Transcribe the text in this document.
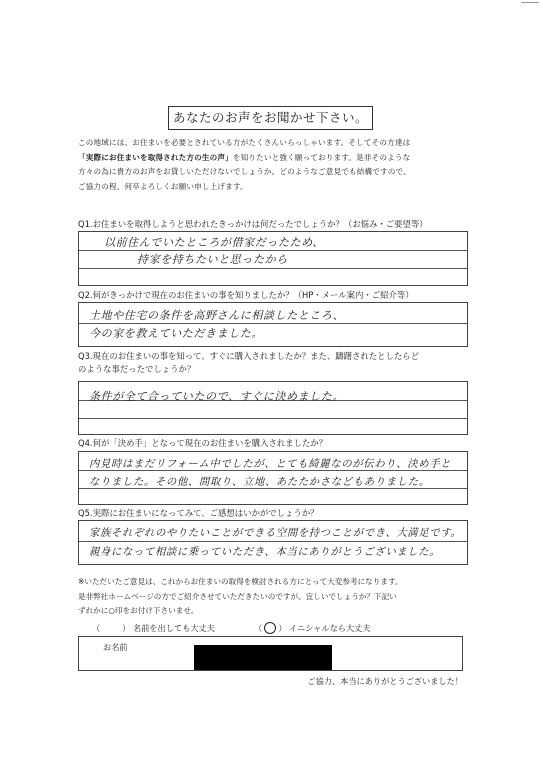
あなたのお声をお聞かせ下さい。
この地域には、お住まいを必要とされている方がたくさんいらっしゃいます。そしてその方達は
「実際にお住まいを取得された方の生の声」を知りたいと強く願っております。是非そのような
方々の為に貴方のお声をお貸しいただけないでしょうか。どのようなご意見でも結構ですので、
ご協力の程、何卒よろしくお願い申し上げます。
Q1.お住まいを取得しようと思われたきっかけは何だったでしょうか？（お悩み・ご要望等）
以前住んでいたところが借家だったため、
持家を持ちたいと思ったから
Q2.何がきっかけで現在のお住まいの事を知りましたか？（HP・メール案内・ご紹介等）
土地や住宅の条件を高野さんに相談したところ、
今の家を教えていただきました。
Q3.現在のお住まいの事を知って、すぐに購入されましたか？また、躊躇されたとしたらど
のような事だったでしょうか？
条件が全て合っていたので、すぐに決めました。
Q4.何が「決め手」となって現在のお住まいを購入されましたか？
内見時はまだリフォーム中でしたが、とても綺麗なのが伝わり、決め手と
なりました。その他、間取り、立地、あたたかさなどもありました。
Q5.実際にお住まいになってみて、ご感想はいかがでしょうか？
家族それぞれのやりたいことができる空間を持つことができ、大満足です。
親身になって相談に乗っていただき、本当にありがとうございました。
※いただいたご意見は、これからお住まいの取得を検討される方にとって大変参考になります。
是非弊社ホームページの方でご紹介させていただきたいのですが、宜しいでしょうか？下記い
ずれかに○印をお付け下さいませ。
（	） 名前を出しても大丈夫	（ ） イニシャルなら大丈夫
お名前
ご協力、本当にありがとうございました！
